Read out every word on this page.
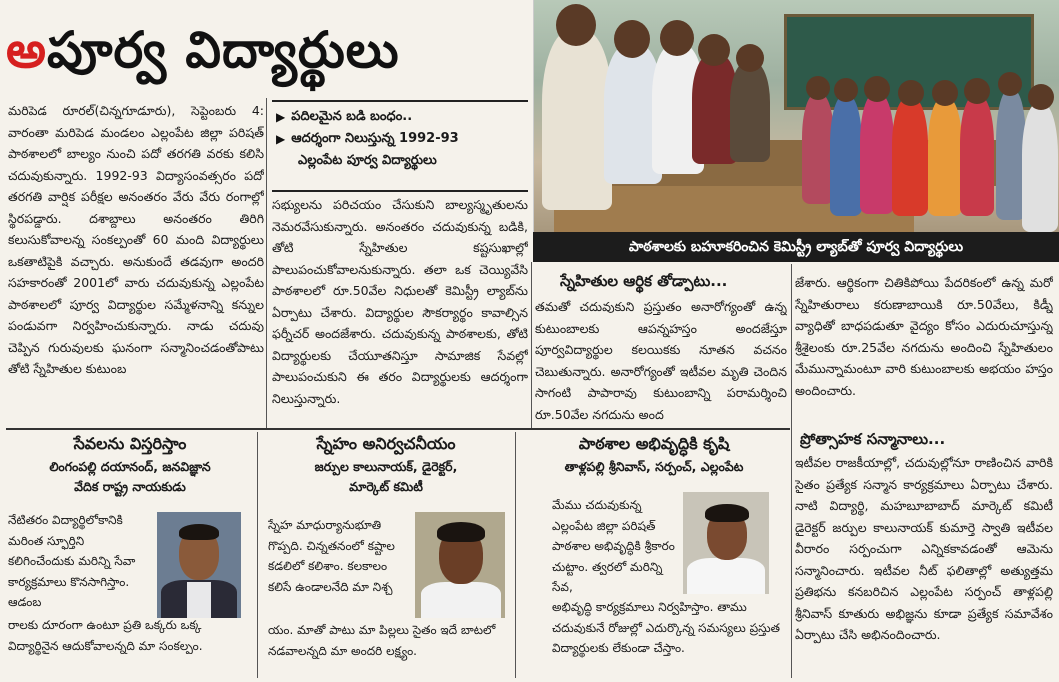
అపూర్వ విద్యార్థులు
పాఠశాలకు బహూకరించిన కెమిస్ట్రీ ల్యాబ్‌తో పూర్వ విద్యార్థులు

మరిపెడ రూరల్(చిన్నగూడూరు), సెప్టెంబరు 4: వారంతా మరిపెడ మండలం ఎల్లంపేట జిల్లా పరిషత్ పాఠశాలలో బాల్యం నుంచి పదో తరగతి వరకు కలిసి చదువుకున్నారు. 1992-93 విద్యాసంవత్సరం పదో తరగతి వార్షిక పరీక్షల అనంతరం వేరు వేరు రంగాల్లో స్థిరపడ్డారు. దశాబ్దాలు అనంతరం తిరిగి కలుసుకోవాలన్న సంకల్పంతో 60 మంది విద్యార్థులు ఒకతాటిపైకి వచ్చారు. అనుకుందే తడవుగా అందరి సహకారంతో 2001లో వారు చదువుకున్న ఎల్లంపేట పాఠశాలలో పూర్వ విద్యార్థుల సమ్మేళనాన్ని కన్నుల పండువగా నిర్వహించుకున్నారు. నాడు చదువు చెప్పిన గురువులకు ఘనంగా సన్మానించడంతోపాటు తోటి స్నేహితుల కుటుంబ

▶ పదిలమైన బడి బంధం..
▶ ఆదర్శంగా నిలుస్తున్న 1992-93
ఎల్లంపేట పూర్వ విద్యార్థులు

సభ్యులను పరిచయం చేసుకుని బాల్యస్మృతులను నెమరవేసుకున్నారు. అనంతరం చదువుకున్న బడికి, తోటి స్నేహితుల కష్టసుఖాల్లో పాలుపంచుకోవాలనుకున్నారు. తలా ఒక చెయ్యివేసి పాఠశాలలో రూ.50వేల నిధులతో కెమిస్ట్రీ ల్యాబ్‌ను ఏర్పాటు చేశారు. విద్యార్థుల సౌకర్యార్థం కావాల్సిన ఫర్నీచర్ అందజేశారు. చదువుకున్న పాఠశాలకు, తోటి విద్యార్థులకు చేయూతనిస్తూ సామాజిక సేవల్లో పాలుపంచుకుని ఈ తరం విద్యార్థులకు ఆదర్శంగా నిలుస్తున్నారు.

స్నేహితుల ఆర్థిక తోడ్పాటు...

తమతో చదువుకుని ప్రస్తుతం అనారోగ్యంతో ఉన్న కుటుంబాలకు ఆపన్నహస్తం అందజేస్తూ పూర్వవిద్యార్థుల కలయికకు నూతన వచనం చెబుతున్నారు. అనారోగ్యంతో ఇటీవల మృతి చెందిన సాగంటి పాపారావు కుటుంబాన్ని పరామర్శించి రూ.50వేల నగదును అంద

జేశారు. ఆర్థికంగా చితికిపోయి పేదరికంలో ఉన్న మరో స్నేహితురాలు కరుణాబాయికి రూ.50వేలు, కిడ్నీ వ్యాధితో బాధపడుతూ వైద్యం కోసం ఎదురుచూస్తున్న శ్రీశైలంకు రూ.25వేల నగదును అందించి స్నేహితులం మేమున్నామంటూ వారి కుటుంబాలకు అభయం హస్తం అందించారు.

ప్రోత్సాహక సన్మానాలు...

ఇటీవల రాజకీయాల్లో, చదువుల్లోనూ రాణించిన వారికి సైతం ప్రత్యేక సన్మాన కార్యక్రమాలు ఏర్పాటు చేశారు. నాటి విద్యార్థి, మహబూబాబాద్ మార్కెట్ కమిటీ డైరెక్టర్ జర్పుల కాలునాయక్ కుమార్తె స్వాతి ఇటీవల వీరారం సర్పంచుగా ఎన్నికకావడంతో ఆమెను సన్మానించారు. ఇటీవల నీట్ ఫలితాల్లో అత్యుత్తమ ప్రతిభను కనబరిచిన ఎల్లంపేట సర్పంచ్ తాళ్లపల్లి శ్రీనివాస్ కూతురు అభిజ్ఞను కూడా ప్రత్యేక సమావేశం ఏర్పాటు చేసి అభినందించారు.

సేవలను విస్తరిస్తాం
లింగంపల్లి దయానంద్, జనవిజ్ఞాన
వేదిక రాష్ట్ర నాయకుడు
నేటితరం విద్యార్థిలోకానికి మరింత స్ఫూర్తిని కలిగించేందుకు మరిన్ని సేవా కార్యక్రమాలు కొనసాగిస్తాం. ఆడంబ
రాలకు దూరంగా ఉంటూ ప్రతి ఒక్కరు ఒక్క విద్యార్థినైన ఆదుకోవాలన్నది మా సంకల్పం.
స్నేహం అనిర్వచనీయం
జర్పుల కాలునాయక్, డైరెక్టర్,
మార్కెట్ కమిటీ
స్నేహ మాధుర్యానుభూతి గొప్పది. చిన్నతనంలో కష్టాల కడలిలో కలిశాం. కలకాలం కలిసే ఉండాలనేది మా నిశ్చ
యం. మాతో పాటు మా పిల్లలు సైతం ఇదే బాటలో నడవాలన్నది మా అందరి లక్ష్యం.
పాఠశాల అభివృద్ధికి కృషి
తాళ్లపల్లి శ్రీనివాస్, సర్పంచ్, ఎల్లంపేట
మేము చదువుకున్న ఎల్లంపేట జిల్లా పరిషత్ పాఠశాల అభివృద్ధికి శ్రీకారం చుట్టాం. త్వరలో మరిన్ని సేవ,
అభివృద్ధి కార్యక్రమాలు నిర్వహిస్తాం. తాము చదువుకునే రోజుల్లో ఎదుర్కొన్న సమస్యలు ప్రస్తుత విద్యార్థులకు లేకుండా చేస్తాం.
